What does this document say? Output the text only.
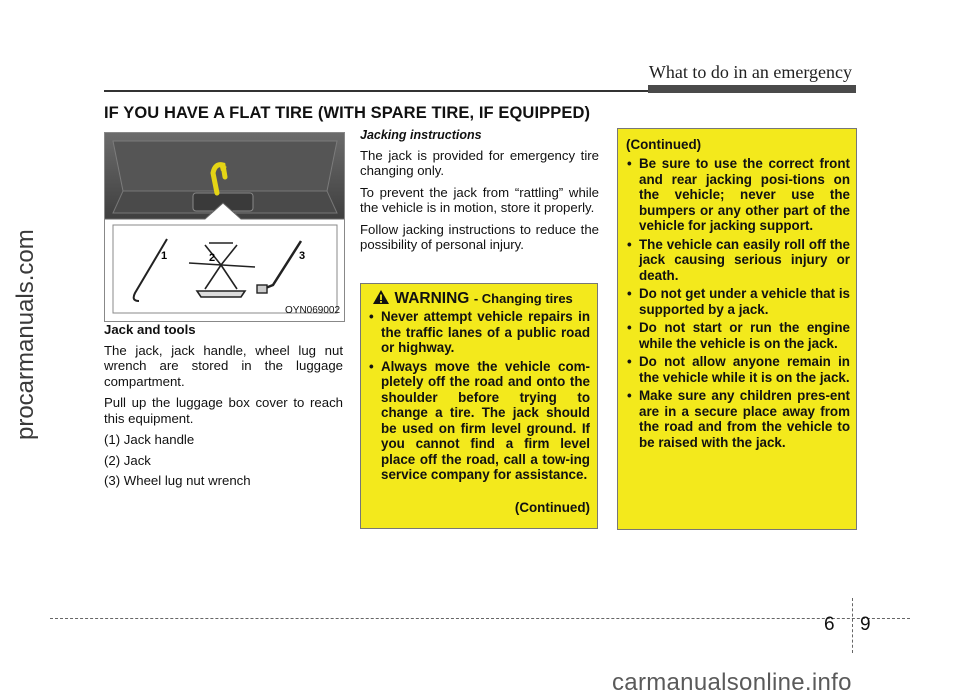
What to do in an emergency
IF YOU HAVE A FLAT TIRE (WITH SPARE TIRE, IF EQUIPPED)
procarmanuals.com	1	2	3
OYN069002
Jack and tools

The jack, jack handle, wheel lug nut wrench are stored in the luggage compartment.

Pull up the luggage box cover to reach this equipment.

(1) Jack handle
(2) Jack
(3) Wheel lug nut wrench
Jacking instructions

The jack is provided for emergency tire changing only.

To prevent the jack from “rattling” while the vehicle is in motion, store it properly.

Follow jacking instructions to reduce the possibility of personal injury.

WARNING - Changing tires
• Never attempt vehicle repairs in the traffic lanes of a public road or highway.
• Always move the vehicle com-pletely off the road and onto the shoulder before trying to change a tire. The jack should be used on firm level ground. If you cannot find a firm level place off the road, call a tow-ing service company for assistance.
(Continued)
(Continued)
• Be sure to use the correct front and rear jacking posi-tions on the vehicle; never use the bumpers or any other part of the vehicle for jacking support.
• The vehicle can easily roll off the jack causing serious injury or death.
• Do not get under a vehicle that is supported by a jack.
• Do not start or run the engine while the vehicle is on the jack.
• Do not allow anyone remain in the vehicle while it is on the jack.
• Make sure any children pres-ent are in a secure place away from the road and from the vehicle to be raised with the jack.
6 9
carmanualsonline.info
